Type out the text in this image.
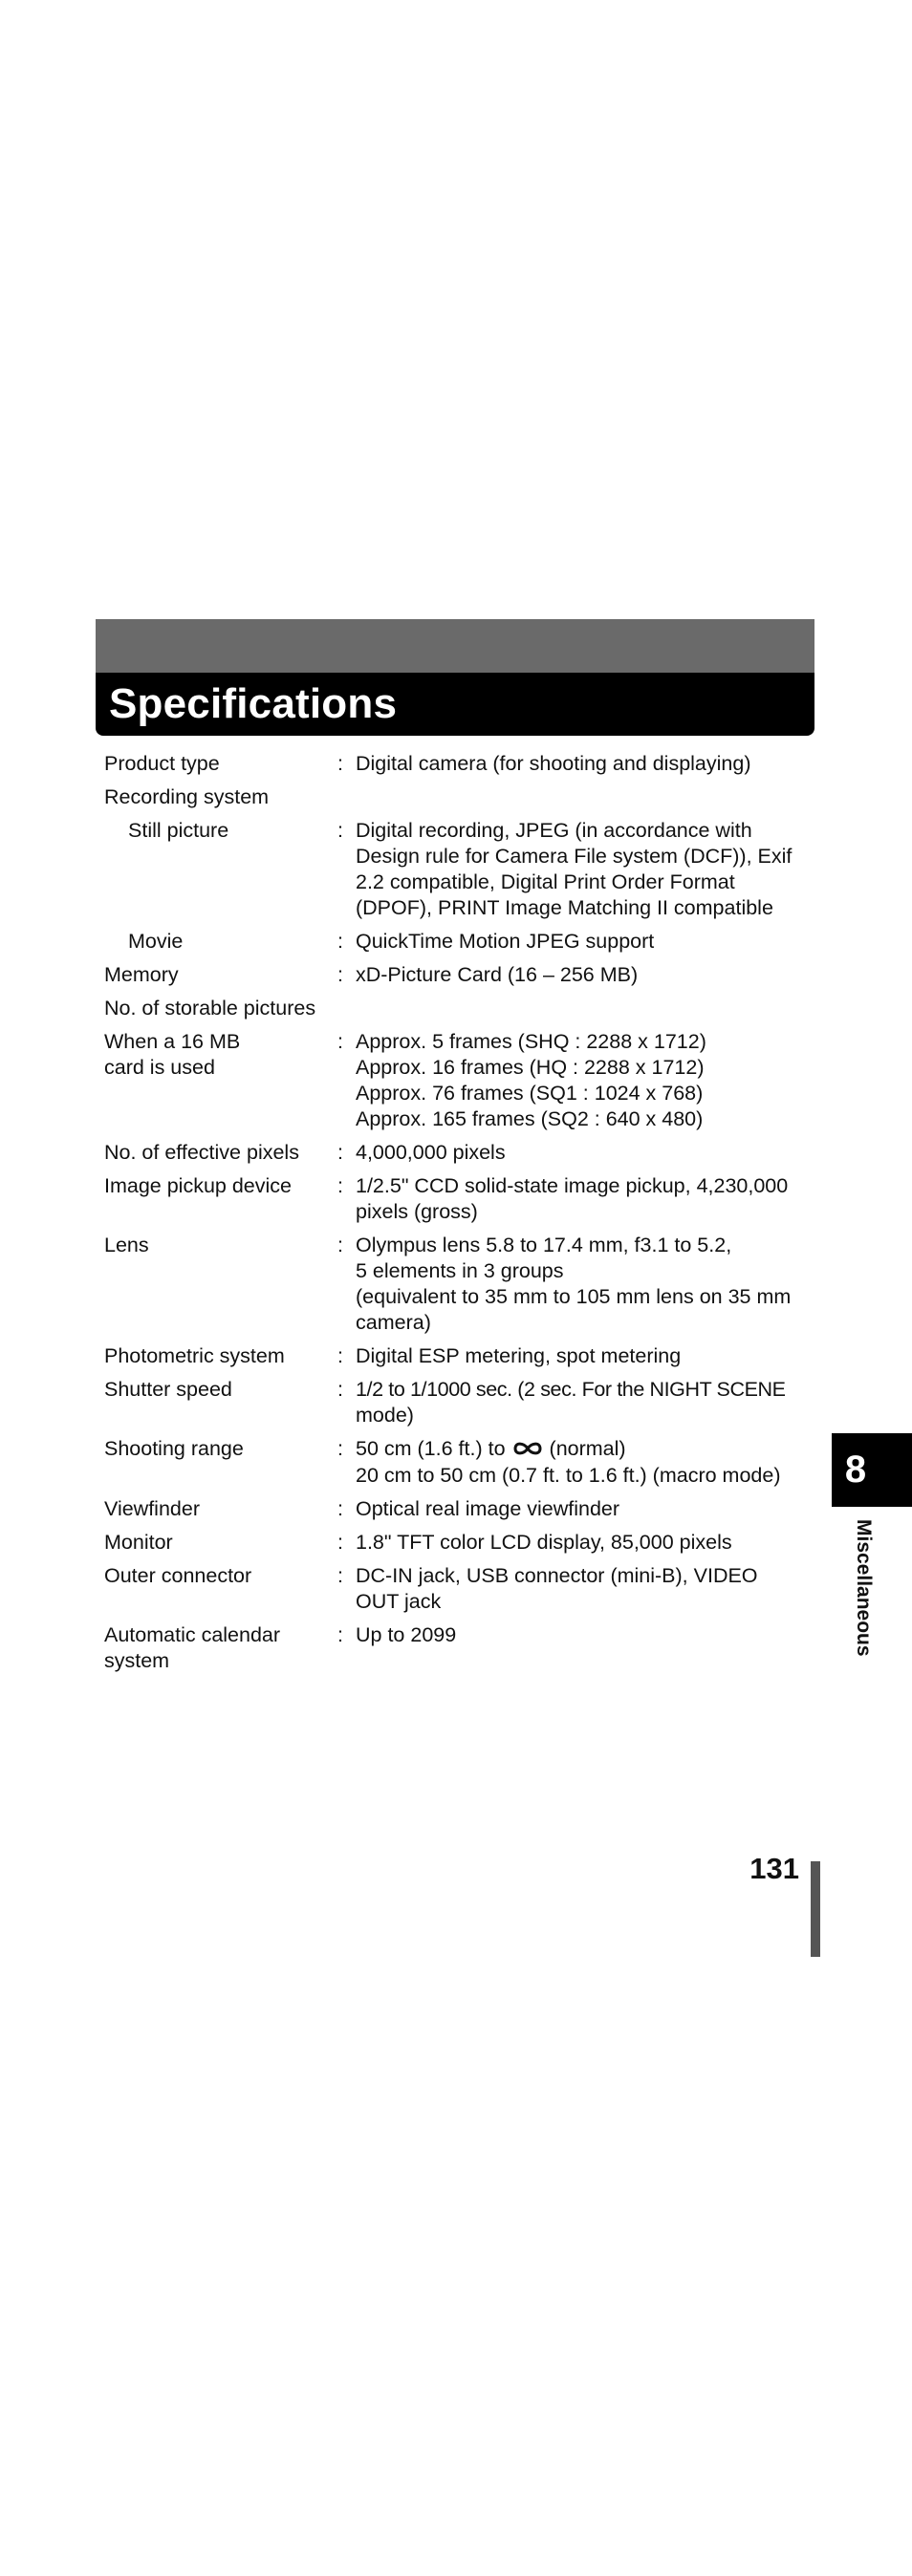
Specifications
Product type	: Digital camera (for shooting and displaying)
Recording system
Still picture	: Digital recording, JPEG (in accordance with
Design rule for Camera File system (DCF)), Exif
2.2 compatible, Digital Print Order Format
(DPOF), PRINT Image Matching II compatible
Movie	: QuickTime Motion JPEG support
Memory	: xD-Picture Card (16 – 256 MB)
No. of storable pictures
When a 16 MB card is used
: Approx. 5 frames (SHQ : 2288 x 1712)
Approx. 16 frames (HQ : 2288 x 1712)
Approx. 76 frames (SQ1 : 1024 x 768)
Approx. 165 frames (SQ2 : 640 x 480)
No. of effective pixels	: 4,000,000 pixels
Image pickup device	: 1/2.5" CCD solid-state image pickup, 4,230,000
pixels (gross)
Lens	: Olympus lens 5.8 to 17.4 mm, f3.1 to 5.2,
5 elements in 3 groups
(equivalent to 35 mm to 105 mm lens on 35 mm
camera)
Photometric system	: Digital ESP metering, spot metering
Shutter speed	: 1/2 to 1/1000 sec. (2 sec. For the NIGHT SCENE
mode)
Shooting range	: 50 cm (1.6 ft.) to (normal)
20 cm to 50 cm (0.7 ft. to 1.6 ft.) (macro mode)
Viewfinder	: Optical real image viewfinder
Monitor	: 1.8" TFT color LCD display, 85,000 pixels
Outer connector	: DC-IN jack, USB connector (mini-B), VIDEO
OUT jack
Automatic calendar system
: Up to 2099
8
Miscellaneous
131
